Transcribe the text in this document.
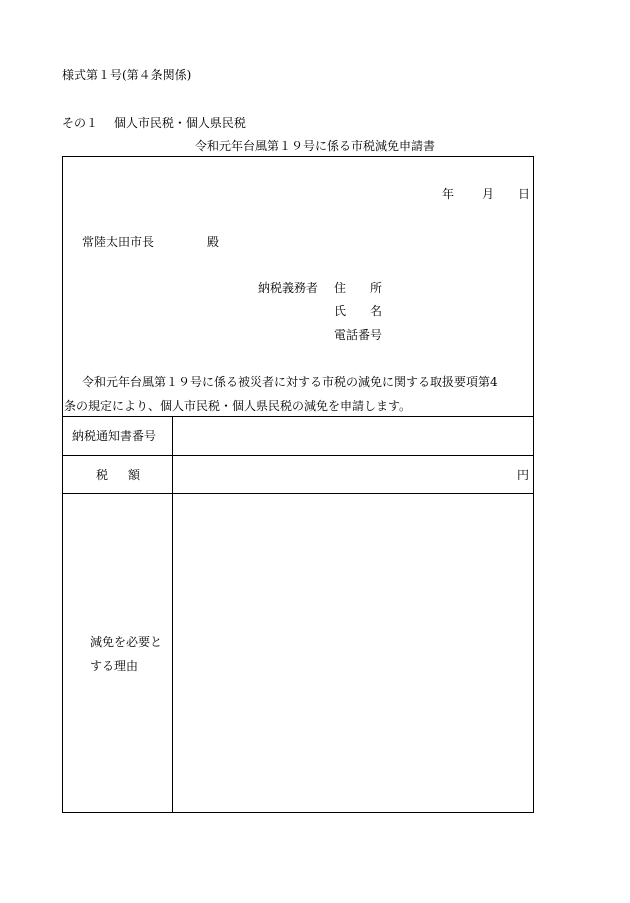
様式第１号(第４条関係)
その１　 個人市民税・個人県民税
令和元年台風第１９号に係る市税減免申請書
年 月 日
常陸太田市長	殿
納税義務者 住 所
氏 名
電話番号
令和元年台風第１９号に係る被災者に対する市税の減免に関する取扱要項第4
条の規定により、個人市民税・個人県民税の減免を申請します。
納税通知書番号
税 額	円
減免を必要と
する理由
